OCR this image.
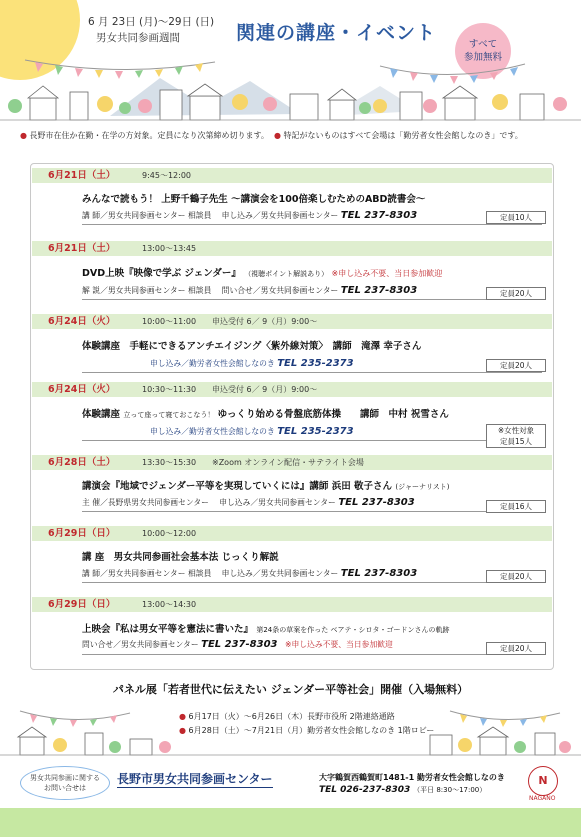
6 月 23日 (月)〜29日 (日)
男女共同参画週間	関連の講座・イベント
すべて
参加無料
● 長野市在住か在勤・在学の方対象。定員になり次第締め切ります。 ● 特記がないものはすべて会場は「勤労者女性会館しなのき」です。
6月21日（土）	9:45〜12:00
みんなで読もう！ 上野千鶴子先生 〜講演会を100倍楽しむためのABD読書会〜
講 師／男女共同参画センター 相談員　 申し込み／男女共同参画センター TEL 237-8303	定員10人
6月21日（土）	13:00〜13:45
DVD上映『映像で学ぶ ジェンダー』 （視聴ポイント解説あり） ※申し込み不要、当日参加歓迎
解 説／男女共同参画センター 相談員　 問い合せ／男女共同参画センター TEL 237-8303	定員20人
6月24日（火）	10:00〜11:00 申込受付 6／ 9（月）9:00〜
体験講座　手軽にできるアンチエイジング〈紫外線対策〉　講師　滝澤 幸子さん
申し込み／勤労者女性会館しなのき TEL 235-2373	定員20人
6月24日（火）	10:30〜11:30 申込受付 6／ 9（月）9:00〜
体験講座 立って座って寝ておこなう！ ゆっくり始める骨盤底筋体操　　講師　中村 祝雪さん
申し込み／勤労者女性会館しなのき TEL 235-2373	※女性対象
定員15人
6月28日（土）	13:30〜15:30 ※Zoom オンライン配信・サテライト会場
講演会『地域でジェンダー平等を実現していくには』講師 浜田 敬子さん (ジャーナリスト)
主 催／長野県男女共同参画センター　 申し込み／男女共同参画センター TEL 237-8303	定員16人
6月29日（日）	10:00〜12:00
講 座　男女共同参画社会基本法 じっくり解説
講 師／男女共同参画センター 相談員　 申し込み／男女共同参画センター TEL 237-8303	定員20人
6月29日（日）	13:00〜14:30
上映会『私は男女平等を憲法に書いた』 第24条の草案を作った ベアテ・シロタ・ゴードンさんの軌跡
問い合せ／男女共同参画センター TEL 237-8303 ※申し込み不要、当日参加歓迎	定員20人
パネル展「若者世代に伝えたい ジェンダー平等社会」開催（入場無料）
● 6月17日（火）〜6月26日（木）長野市役所 2階連絡通路
● 6月28日（土）〜7月21日（月）勤労者女性会館しなのき 1階ロビー
男女共同参画に関する
お問い合せは
長野市男女共同参画センター	大字鶴賀西鶴賀町1481-1 勤労者女性会館しなのき
TEL 026-237-8303 （平日 8:30〜17:00）
N
NAGANO
